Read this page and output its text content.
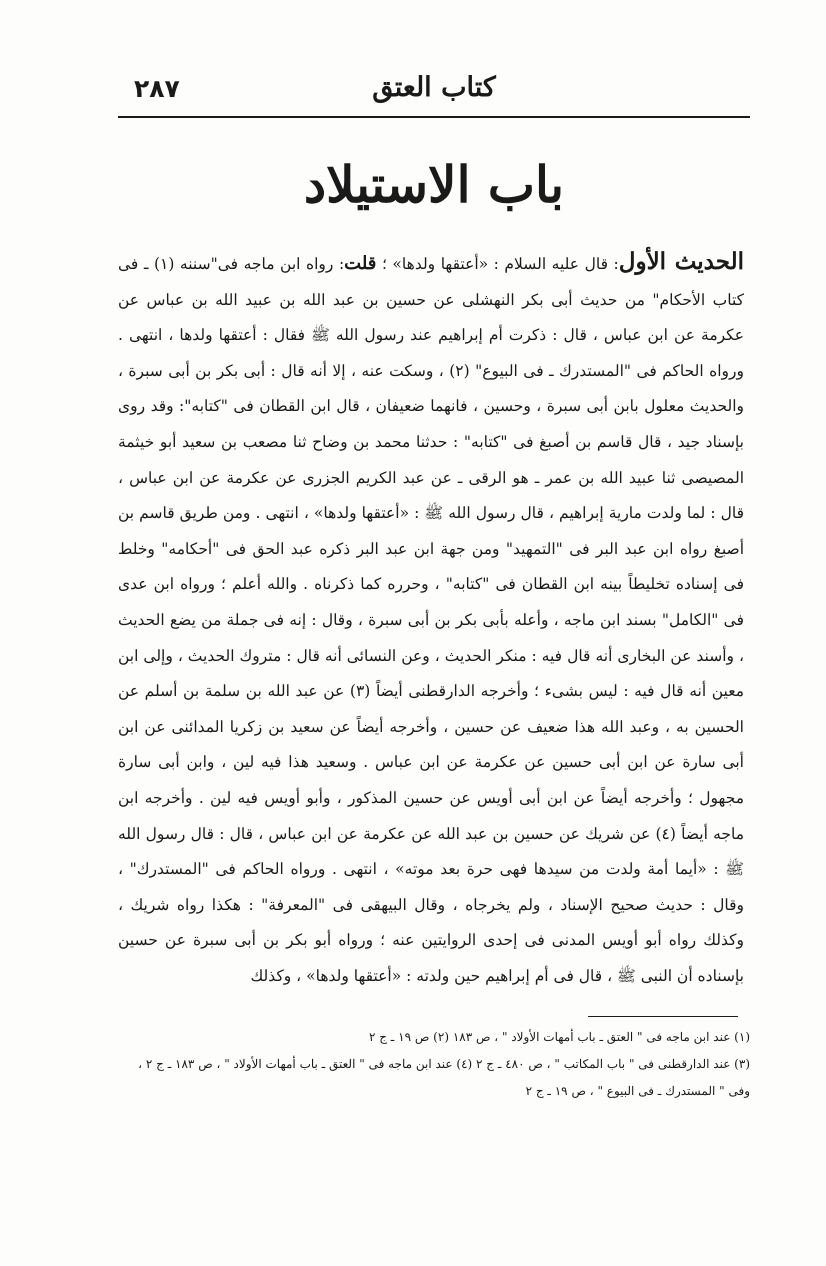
كتاب العتق
٢٨٧
باب الاستيلاد
الحديث الأول: قال عليه السلام : «أعتقها ولدها» ؛ قلت: رواه ابن ماجه فى"سننه (١) ـ فى كتاب الأحكام" من حديث أبى بكر النهشلى عن حسين بن عبد الله بن عبيد الله بن عباس عن عكرمة عن ابن عباس ، قال : ذكرت أم إبراهيم عند رسول الله ﷺ فقال : أعتقها ولدها ، انتهى . ورواه الحاكم فى "المستدرك ـ فى البيوع" (٢) ، وسكت عنه ، إلا أنه قال : أبى بكر بن أبى سبرة ، والحديث معلول بابن أبى سبرة ، وحسين ، فانهما ضعيفان ، قال ابن القطان فى "كتابه": وقد روى بإسناد جيد ، قال قاسم بن أصبغ فى "كتابه" : حدثنا محمد بن وضاح ثنا مصعب بن سعيد أبو خيثمة المصيصى ثنا عبيد الله بن عمر ـ هو الرقى ـ عن عبد الكريم الجزرى عن عكرمة عن ابن عباس ، قال : لما ولدت مارية إبراهيم ، قال رسول الله ﷺ : «أعتقها ولدها» ، انتهى . ومن طريق قاسم بن أصبغ رواه ابن عبد البر فى "التمهيد" ومن جهة ابن عبد البر ذكره عبد الحق فى "أحكامه" وخلط فى إسناده تخليطاً بينه ابن القطان فى "كتابه" ، وحرره كما ذكرناه . والله أعلم ؛ ورواه ابن عدى فى "الكامل" بسند ابن ماجه ، وأعله بأبى بكر بن أبى سبرة ، وقال : إنه فى جملة من يضع الحديث ، وأسند عن البخارى أنه قال فيه : منكر الحديث ، وعن النسائى أنه قال : متروك الحديث ، وإلى ابن معين أنه قال فيه : ليس بشىء ؛ وأخرجه الدارقطنى أيضاً (٣) عن عبد الله بن سلمة بن أسلم عن الحسين به ، وعبد الله هذا ضعيف عن حسين ، وأخرجه أيضاً عن سعيد بن زكريا المدائنى عن ابن أبى سارة عن ابن أبى حسين عن عكرمة عن ابن عباس . وسعيد هذا فيه لين ، وابن أبى سارة مجهول ؛ وأخرجه أيضاً عن ابن أبى أويس عن حسين المذكور ، وأبو أويس فيه لين . وأخرجه ابن ماجه أيضاً (٤) عن شريك عن حسين بن عبد الله عن عكرمة عن ابن عباس ، قال : قال رسول الله ﷺ : «أيما أمة ولدت من سيدها فهى حرة بعد موته» ، انتهى . ورواه الحاكم فى "المستدرك" ، وقال : حديث صحيح الإسناد ، ولم يخرجاه ، وقال البيهقى فى "المعرفة" : هكذا رواه شريك ، وكذلك رواه أبو أويس المدنى فى إحدى الروايتين عنه ؛ ورواه أبو بكر بن أبى سبرة عن حسين بإسناده أن النبى ﷺ ، قال فى أم إبراهيم حين ولدته : «أعتقها ولدها» ، وكذلك

(١) عند ابن ماجه فى " العتق ـ باب أمهات الأولاد " ، ص ١٨٣ (٢) ص ١٩ ـ ج ٢

(٣) عند الدارقطنى فى " باب المكاتب " ، ص ٤٨٠ ـ ج ٢ (٤) عند ابن ماجه فى " العتق ـ باب أمهات الأولاد " ، ص ١٨٣ ـ ج ٢ ، وفى " المستدرك ـ فى البيوع " ، ص ١٩ ـ ج ٢
